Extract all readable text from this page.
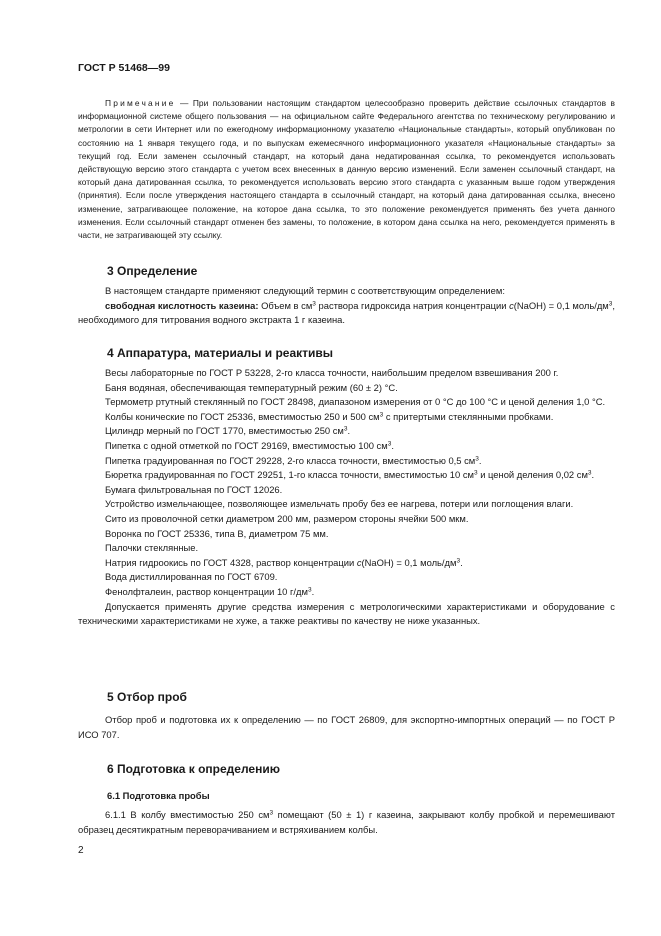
ГОСТ Р 51468—99

Примечание — При пользовании настоящим стандартом целесообразно проверить действие ссылочных стандартов в информационной системе общего пользования — на официальном сайте Федерального агентства по техническому регулированию и метрологии в сети Интернет или по ежегодному информационному указателю «Национальные стандарты», который опубликован по состоянию на 1 января текущего года, и по выпускам ежемесячного информационного указателя «Национальные стандарты» за текущий год. Если заменен ссылочный стандарт, на который дана недатированная ссылка, то рекомендуется использовать действующую версию этого стандарта с учетом всех внесенных в данную версию изменений. Если заменен ссылочный стандарт, на который дана датированная ссылка, то рекомендуется использовать версию этого стандарта с указанным выше годом утверждения (принятия). Если после утверждения настоящего стандарта в ссылочный стандарт, на который дана датированная ссылка, внесено изменение, затрагивающее положение, на которое дана ссылка, то это положение рекомендуется применять без учета данного изменения. Если ссылочный стандарт отменен без замены, то положение, в котором дана ссылка на него, рекомендуется применять в части, не затрагивающей эту ссылку.

3 Определение

В настоящем стандарте применяют следующий термин с соответствующим определением:

свободная кислотность казеина: Объем в $см^3$ раствора гидроксида натрия концентрации c(NaOH) = 0,1 моль/$дм^3$, необходимого для титрования водного экстракта 1 г казеина.

4 Аппаратура, материалы и реактивы

Весы лабораторные по ГОСТ Р 53228, 2-го класса точности, наибольшим пределом взвешивания 200 г.

Баня водяная, обеспечивающая температурный режим (60 ± 2) °С.

Термометр ртутный стеклянный по ГОСТ 28498, диапазоном измерения от 0 °С до 100 °С и ценой деления 1,0 °С.

Колбы конические по ГОСТ 25336, вместимостью 250 и 500 $см^3$ с притертыми стеклянными пробками.

Цилиндр мерный по ГОСТ 1770, вместимостью 250 $см^3$.

Пипетка с одной отметкой по ГОСТ 29169, вместимостью 100 $см^3$.

Пипетка градуированная по ГОСТ 29228, 2-го класса точности, вместимостью 0,5 $см^3$.

Бюретка градуированная по ГОСТ 29251, 1-го класса точности, вместимостью 10 $см^3$ и ценой деления 0,02 $см^3$.

Бумага фильтровальная по ГОСТ 12026.

Устройство измельчающее, позволяющее измельчать пробу без ее нагрева, потери или поглощения влаги.

Сито из проволочной сетки диаметром 200 мм, размером стороны ячейки 500 мкм.

Воронка по ГОСТ 25336, типа В, диаметром 75 мм.

Палочки стеклянные.

Натрия гидроокись по ГОСТ 4328, раствор концентрации c(NaOH) = 0,1 моль/$дм^3$.

Вода дистиллированная по ГОСТ 6709.

Фенолфталеин, раствор концентрации 10 $г/дм^3$.

Допускается применять другие средства измерения с метрологическими характеристиками и оборудование с техническими характеристиками не хуже, а также реактивы по качеству не ниже указанных.

5 Отбор проб

Отбор проб и подготовка их к определению — по ГОСТ 26809, для экспортно-импортных операций — по ГОСТ Р ИСО 707.

6 Подготовка к определению
6.1 Подготовка пробы

6.1.1 В колбу вместимостью 250 $см^3$ помещают (50 ± 1) г казеина, закрывают колбу пробкой и перемешивают образец десятикратным переворачиванием и встряхиванием колбы.

2
